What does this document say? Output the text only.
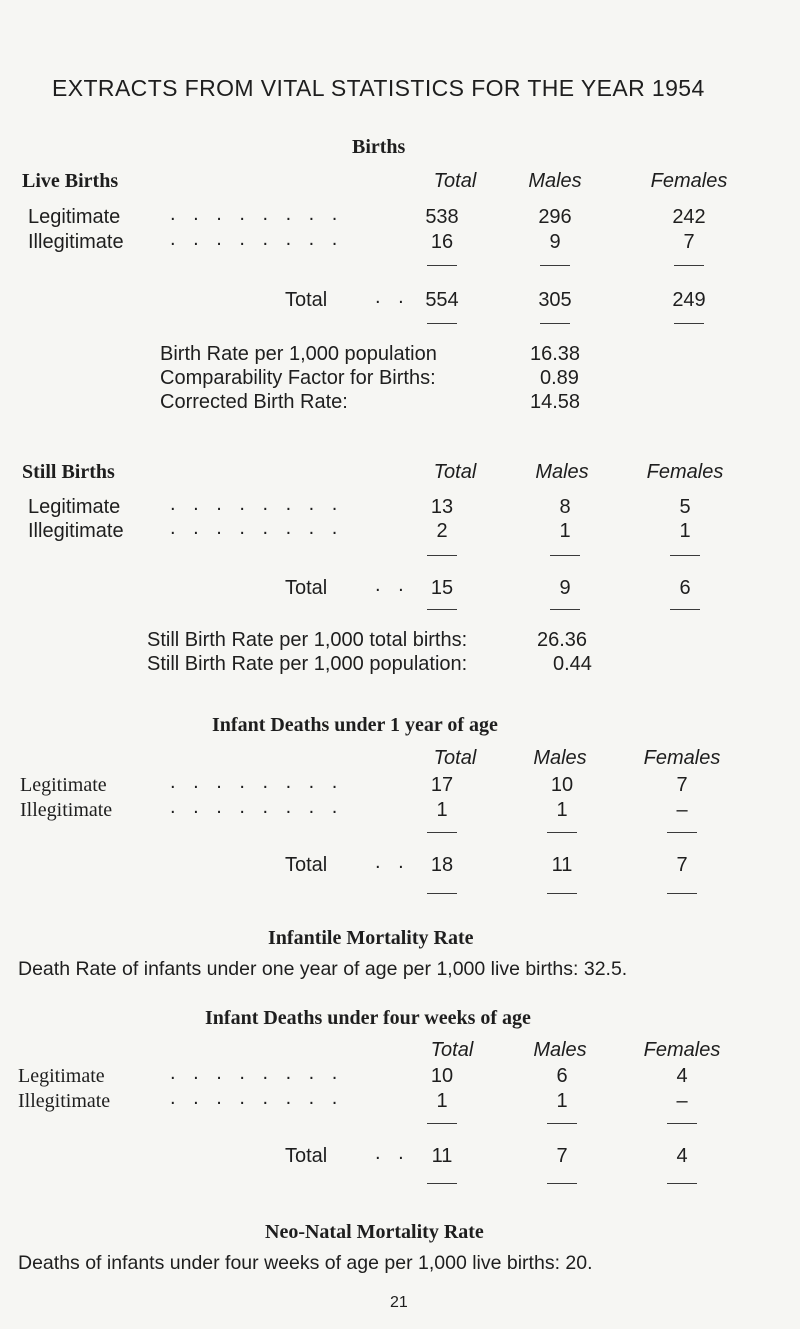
EXTRACTS FROM VITAL STATISTICS FOR THE YEAR 1954
Births
Live Births	Total	Males	Females
Legitimate . . . . . . . .	538	296	242
Illegitimate . . . . . . . .	16	9	7
Total . . 554	305	249
Birth Rate per 1,000 population	16.38
Comparability Factor for Births:	0.89
Corrected Birth Rate:	14.58
Still Births	Total	Males	Females
Legitimate . . . . . . . .	13	8	5
Illegitimate . . . . . . . .	2	1	1
Total . .	15	9	6
Still Birth Rate per 1,000 total births:	26.36
Still Birth Rate per 1,000 population:	0.44
Infant Deaths under 1 year of age
Total	Males	Females
Legitimate	. . . . . . . .	17	10	7
Illegitimate	. . . . . . . .	1	1	–
Total . .	18	11	7
Infantile Mortality Rate
Death Rate of infants under one year of age per 1,000 live births: 32.5.
Infant Deaths under four weeks of age
Total	Males	Females
Legitimate	. . . . . . . .	10	6	4
Illegitimate	. . . . . . . .	1	1	–
Total . .	11	7	4
Neo-Natal Mortality Rate
Deaths of infants under four weeks of age per 1,000 live births: 20.
21
